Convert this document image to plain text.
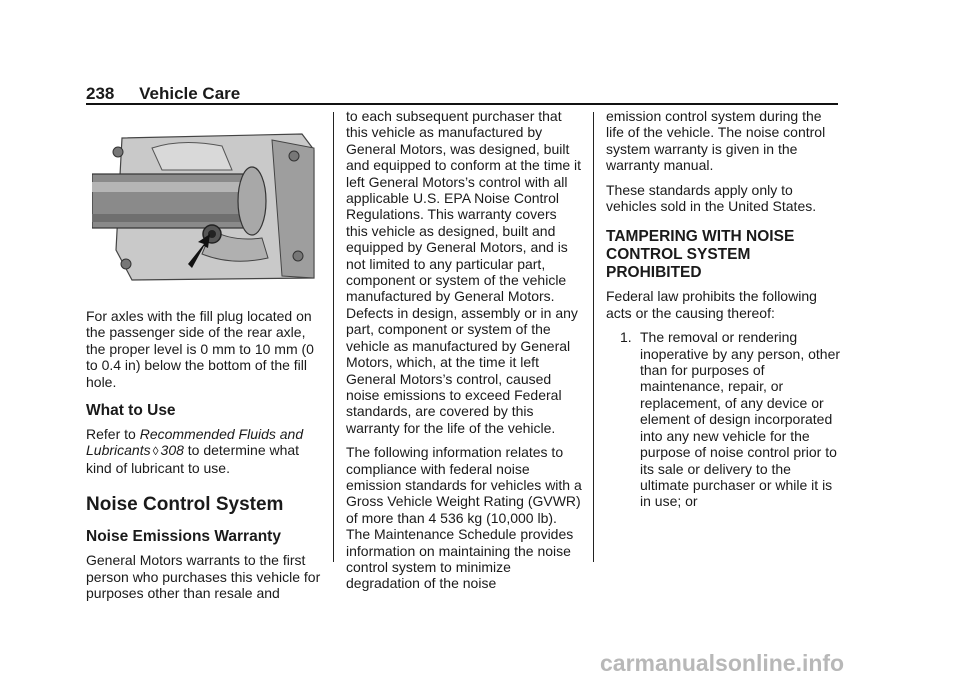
238 Vehicle Care

For axles with the fill plug located on the passenger side of the rear axle, the proper level is 0 mm to 10 mm (0 to 0.4 in) below the bottom of the fill hole.

What to Use

Refer to Recommended Fluids and Lubricants ◊ 308 to determine what kind of lubricant to use.

Noise Control System
Noise Emissions Warranty

General Motors warrants to the first person who purchases this vehicle for purposes other than resale and

to each subsequent purchaser that this vehicle as manufactured by General Motors, was designed, built and equipped to conform at the time it left General Motors’s control with all applicable U.S. EPA Noise Control Regulations. This warranty covers this vehicle as designed, built and equipped by General Motors, and is not limited to any particular part, component or system of the vehicle manufactured by General Motors. Defects in design, assembly or in any part, component or system of the vehicle as manufactured by General Motors, which, at the time it left General Motors’s control, caused noise emissions to exceed Federal standards, are covered by this warranty for the life of the vehicle.

The following information relates to compliance with federal noise emission standards for vehicles with a Gross Vehicle Weight Rating (GVWR) of more than 4 536 kg (10,000 lb). The Maintenance Schedule provides information on maintaining the noise control system to minimize degradation of the noise

emission control system during the life of the vehicle. The noise control system warranty is given in the warranty manual.

These standards apply only to vehicles sold in the United States.

TAMPERING WITH NOISE CONTROL SYSTEM PROHIBITED

Federal law prohibits the following acts or the causing thereof:

1. The removal or rendering inoperative by any person, other than for purposes of maintenance, repair, or replacement, of any device or element of design incorporated into any new vehicle for the purpose of noise control prior to its sale or delivery to the ultimate purchaser or while it is in use; or
carmanualsonline.info
